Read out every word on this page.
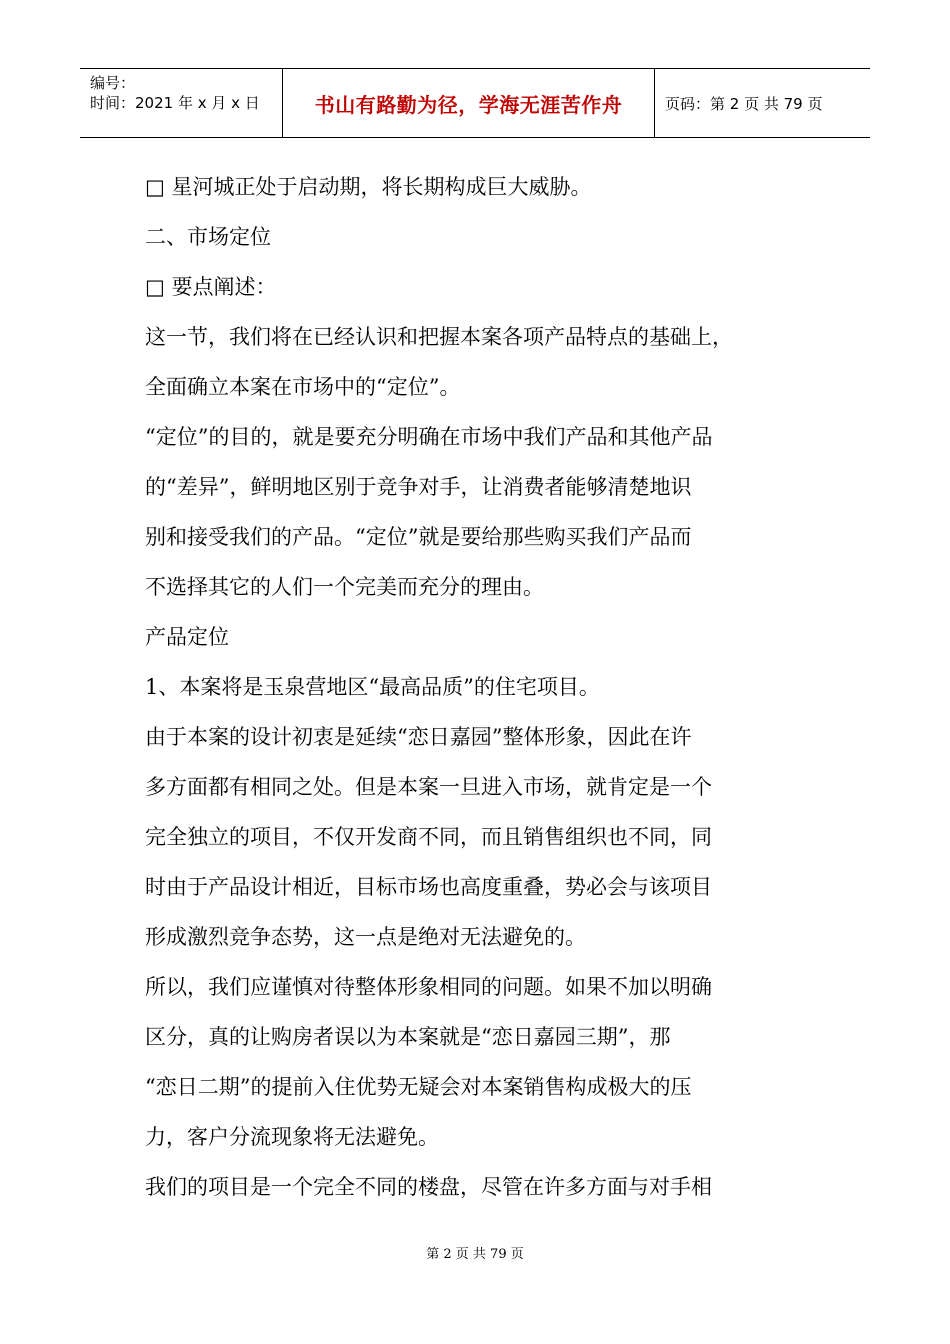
编号：
时间：2021 年 x 月 x 日	书山有路勤为径，学海无涯苦作舟	页码：第 2 页 共 79 页
□ 星河城正处于启动期，将长期构成巨大威胁。
二、市场定位
□ 要点阐述：
这一节，我们将在已经认识和把握本案各项产品特点的基础上，
全面确立本案在市场中的“定位”。
“定位”的目的，就是要充分明确在市场中我们产品和其他产品
的“差异”，鲜明地区别于竞争对手，让消费者能够清楚地识
别和接受我们的产品。“定位”就是要给那些购买我们产品而
不选择其它的人们一个完美而充分的理由。
产品定位
1、本案将是玉泉营地区“最高品质”的住宅项目。
由于本案的设计初衷是延续“恋日嘉园”整体形象，因此在许
多方面都有相同之处。但是本案一旦进入市场，就肯定是一个
完全独立的项目，不仅开发商不同，而且销售组织也不同，同
时由于产品设计相近，目标市场也高度重叠，势必会与该项目
形成激烈竞争态势，这一点是绝对无法避免的。
所以，我们应谨慎对待整体形象相同的问题。如果不加以明确
区分，真的让购房者误以为本案就是“恋日嘉园三期”，那
“恋日二期”的提前入住优势无疑会对本案销售构成极大的压
力，客户分流现象将无法避免。
我们的项目是一个完全不同的楼盘，尽管在许多方面与对手相
第 2 页 共 79 页
